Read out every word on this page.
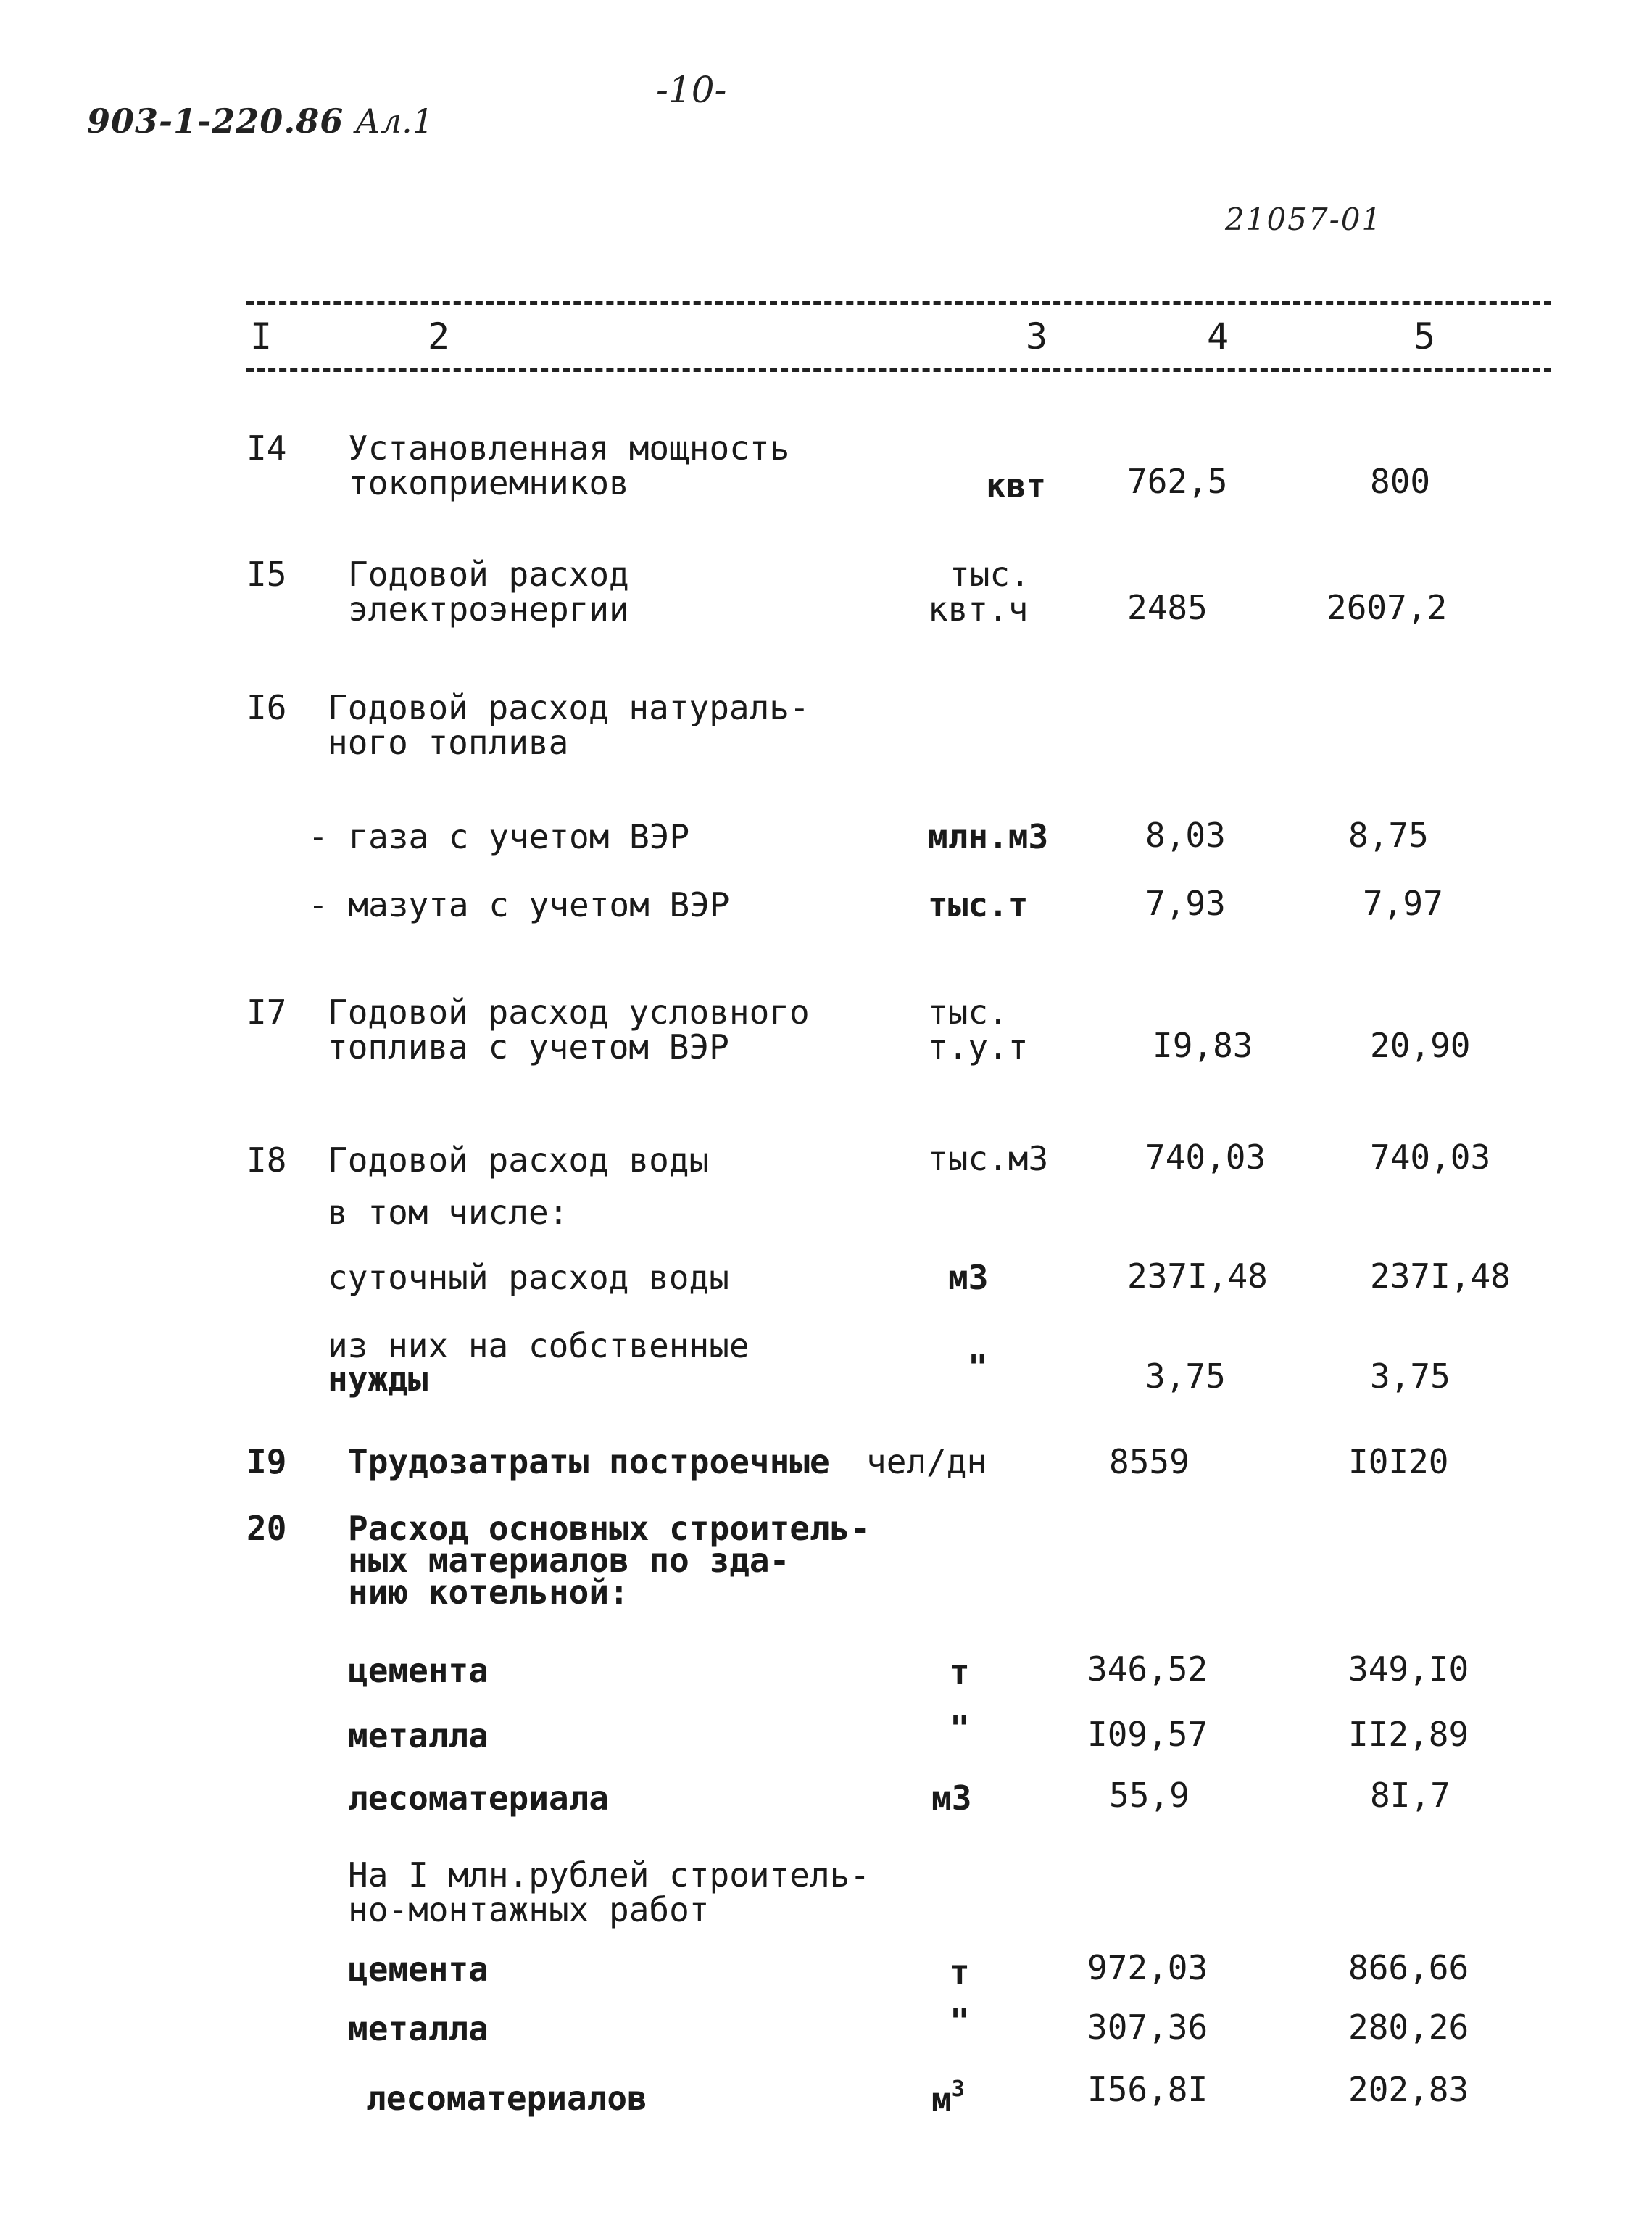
903-1-220.86 Ал.1
-10-
21057-01
I	2	3	4	5
I4 Установленная мощность
токоприемников	квт 762,5	800
I5 Годовой расход
электроэнергии
тыс.
квт.ч	2485	2607,2
I6 Годовой расход натураль-
ного топлива
- газа с учетом ВЭР	млн.м3	8,03	8,75
- мазута с учетом ВЭР	тыс.т	7,93	7,97
I7 Годовой расход условного
топлива с учетом ВЭР
тыс.
т.у.т	I9,83	20,90
I8 Годовой расход воды	тыс.м3	740,03	740,03
в том числе:
суточный расход воды	м3	237I,48	237I,48
из них на собственные
нужды	"	3,75	3,75
I9 Трудозатраты построечные чел/дн	8559	I0I20
20 Расход основных строитель-
ных материалов по зда-
нию котельной:
цемента	т	346,52	349,I0
металла	"	I09,57	II2,89
лесоматериала	м3	55,9	8I,7
На I млн.рублей строитель-
но-монтажных работ
цемента	т	972,03	866,66
металла	"	307,36	280,26
лесоматериалов	$м^3$	I56,8I	202,83
